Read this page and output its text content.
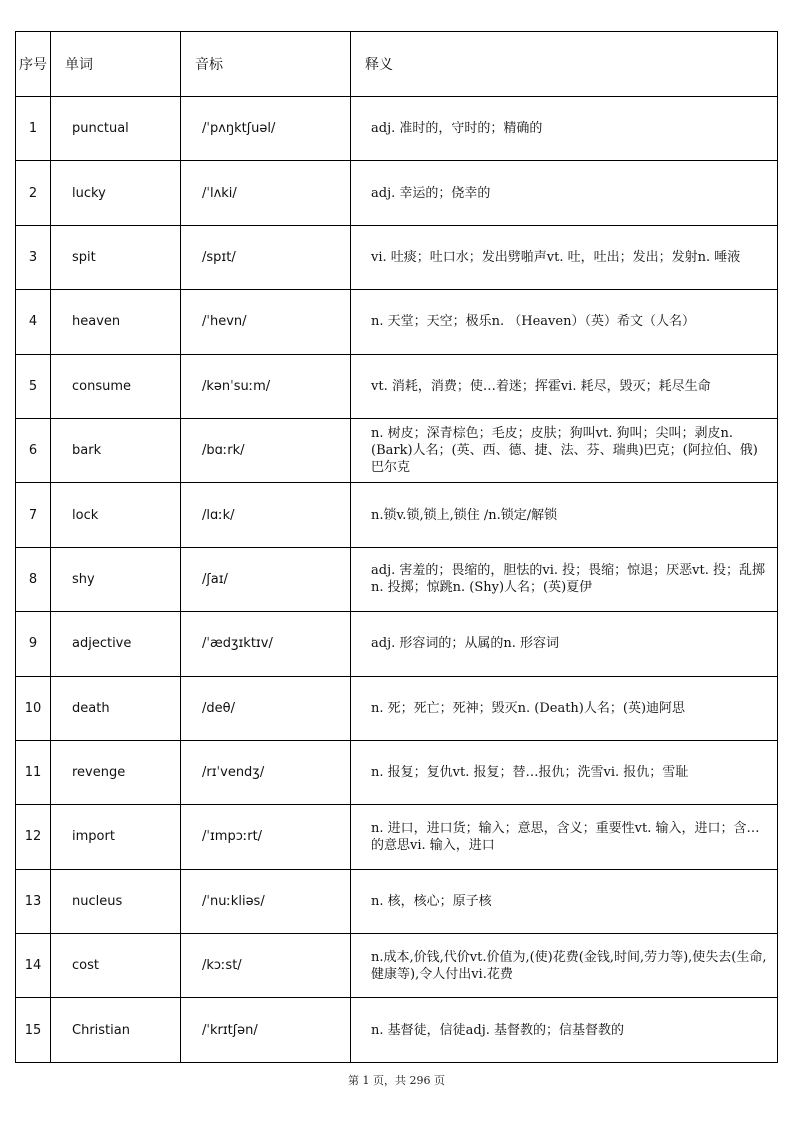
序号	单词	音标	释义
1	punctual	/ˈpʌŋktʃuəl/	adj. 准时的，守时的；精确的
2	lucky	/ˈlʌki/	adj. 幸运的；侥幸的
3	spit	/spɪt/	vi. 吐痰；吐口水；发出劈啪声vt. 吐，吐出；发出；发射n. 唾液
4	heaven	/ˈhevn/	n. 天堂；天空；极乐n. （Heaven）（英）希文（人名）
5	consume	/kənˈsuːm/	vt. 消耗，消费；使…着迷；挥霍vi. 耗尽，毁灭；耗尽生命
6	bark	/bɑːrk/	n. 树皮；深青棕色；毛皮；皮肤；狗叫vt. 狗叫；尖叫；剥皮n. (Bark)人名；(英、西、德、捷、法、芬、瑞典)巴克；(阿拉伯、俄)巴尔克
7	lock	/lɑːk/	n.锁v.锁,锁上,锁住 /n.锁定/解锁
8	shy	/ʃaɪ/	adj. 害羞的；畏缩的，胆怯的vi. 投；畏缩；惊退；厌恶vt. 投；乱掷n. 投掷；惊跳n. (Shy)人名；(英)夏伊
9	adjective	/ˈædʒɪktɪv/	adj. 形容词的；从属的n. 形容词
10	death	/deθ/	n. 死；死亡；死神；毁灭n. (Death)人名；(英)迪阿思
11	revenge	/rɪˈvendʒ/	n. 报复；复仇vt. 报复；替…报仇；洗雪vi. 报仇；雪耻
12	import	/ˈɪmpɔːrt/	n. 进口，进口货；输入；意思，含义；重要性vt. 输入，进口；含…的意思vi. 输入，进口
13	nucleus	/ˈnuːkliəs/	n. 核，核心；原子核
14	cost	/kɔːst/	n.成本,价钱,代价vt.价值为,(使)花费(金钱,时间,劳力等),使失去(生命,健康等),令人付出vi.花费
15	Christian	/ˈkrɪtʃən/	n. 基督徒，信徒adj. 基督教的；信基督教的
第 1 页，共 296 页
